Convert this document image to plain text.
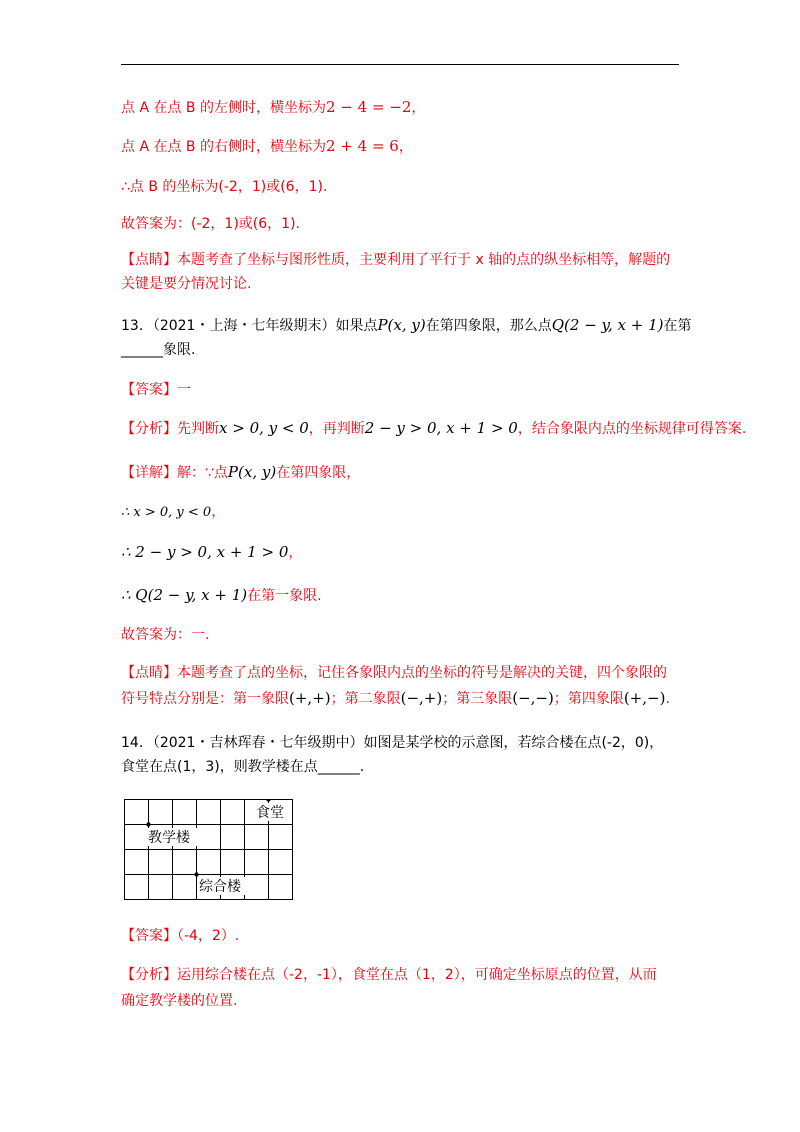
点 A 在点 B 的左侧时，横坐标为2 − 4 = −2，
点 A 在点 B 的右侧时，横坐标为2 + 4 = 6，
∴点 B 的坐标为(-2，1)或(6，1).
故答案为：(-2，1)或(6，1).
【点睛】本题考查了坐标与图形性质，主要利用了平行于 x 轴的点的纵坐标相等，解题的
关键是要分情况讨论.
13．（2021・上海・七年级期末）如果点P(x, y)在第四象限，那么点Q(2 − y, x + 1)在第
______象限.
【答案】一
【分析】先判断x > 0, y < 0，再判断2 − y > 0, x + 1 > 0，结合象限内点的坐标规律可得答案.
【详解】解：∵点P(x, y)在第四象限，
∴ x > 0, y < 0，
∴ 2 − y > 0, x + 1 > 0，
∴ Q(2 − y, x + 1)在第一象限.
故答案为：一.
【点睛】本题考查了点的坐标，记住各象限内点的坐标的符号是解决的关键，四个象限的
符号特点分别是：第一象限(+,+)；第二象限(−,+)；第三象限(−,−)；第四象限(+,−).
14．（2021・吉林珲春・七年级期中）如图是某学校的示意图，若综合楼在点(-2，0)，
食堂在点(1，3)，则教学楼在点______.
食堂
教学楼
综合楼
【答案】（-4，2）.
【分析】运用综合楼在点（-2，-1），食堂在点（1，2），可确定坐标原点的位置，从而
确定教学楼的位置.
